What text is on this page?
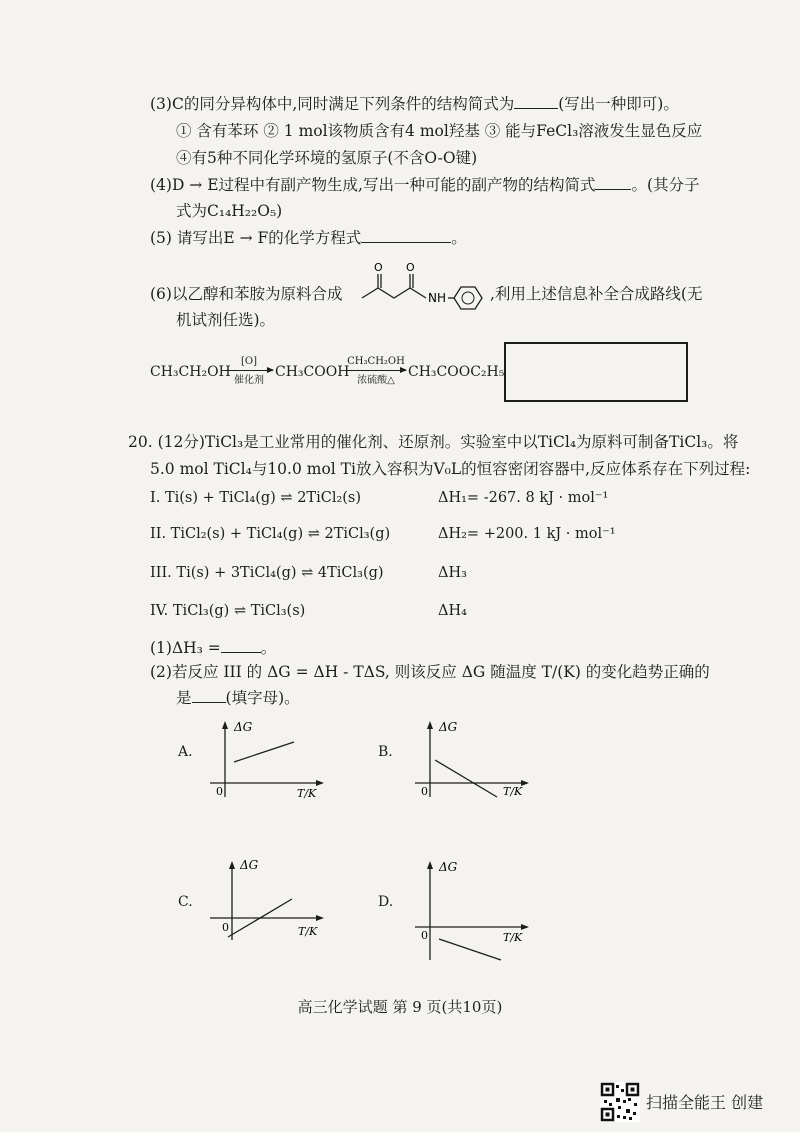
(3)C的同分异构体中,同时满足下列条件的结构简式为	(写出一种即可)。
① 含有苯环 ② 1 mol该物质含有4 mol羟基 ③ 能与FeCl₃溶液发生显色反应
④有5种不同化学环境的氢原子(不含O-O键)
(4)D → E过程中有副产物生成,写出一种可能的副产物的结构简式 。(其分子
式为C₁₄H₂₂O₅)
(5) 请写出E → F的化学方程式	。
(6)以乙醇和苯胺为原料合成
O O
NH	,利用上述信息补全合成路线(无
机试剂任选)。
CH₃CH₂OH
[O]
催化剂
CH₃COOH
CH₃CH₂OH
浓硫酸△
CH₃COOC₂H₅
20. (12分)TiCl₃是工业常用的催化剂、还原剂。实验室中以TiCl₄为原料可制备TiCl₃。将
5.0 mol TiCl₄与10.0 mol Ti放入容积为V₀L的恒容密闭容器中,反应体系存在下列过程:
I. Ti(s) + TiCl₄(g) ⇌ 2TiCl₂(s)	ΔH₁= -267. 8 kJ · mol⁻¹
II. TiCl₂(s) + TiCl₄(g) ⇌ 2TiCl₃(g)	ΔH₂= +200. 1 kJ · mol⁻¹
III. Ti(s) + 3TiCl₄(g) ⇌ 4TiCl₃(g)	ΔH₃
IV. TiCl₃(g) ⇌ TiCl₃(s)	ΔH₄
(1)ΔH₃ =	。
(2)若反应 III 的 ΔG = ΔH - TΔS, 则该反应 ΔG 随温度 T/(K) 的变化趋势正确的
是 (填字母)。
A.
ΔG
T/K
0
B.
ΔG
T/K
0
C.
ΔG
T/K
0
D.
ΔG
T/K
0
高三化学试题 第 9 页(共10页)
扫描全能王 创建
